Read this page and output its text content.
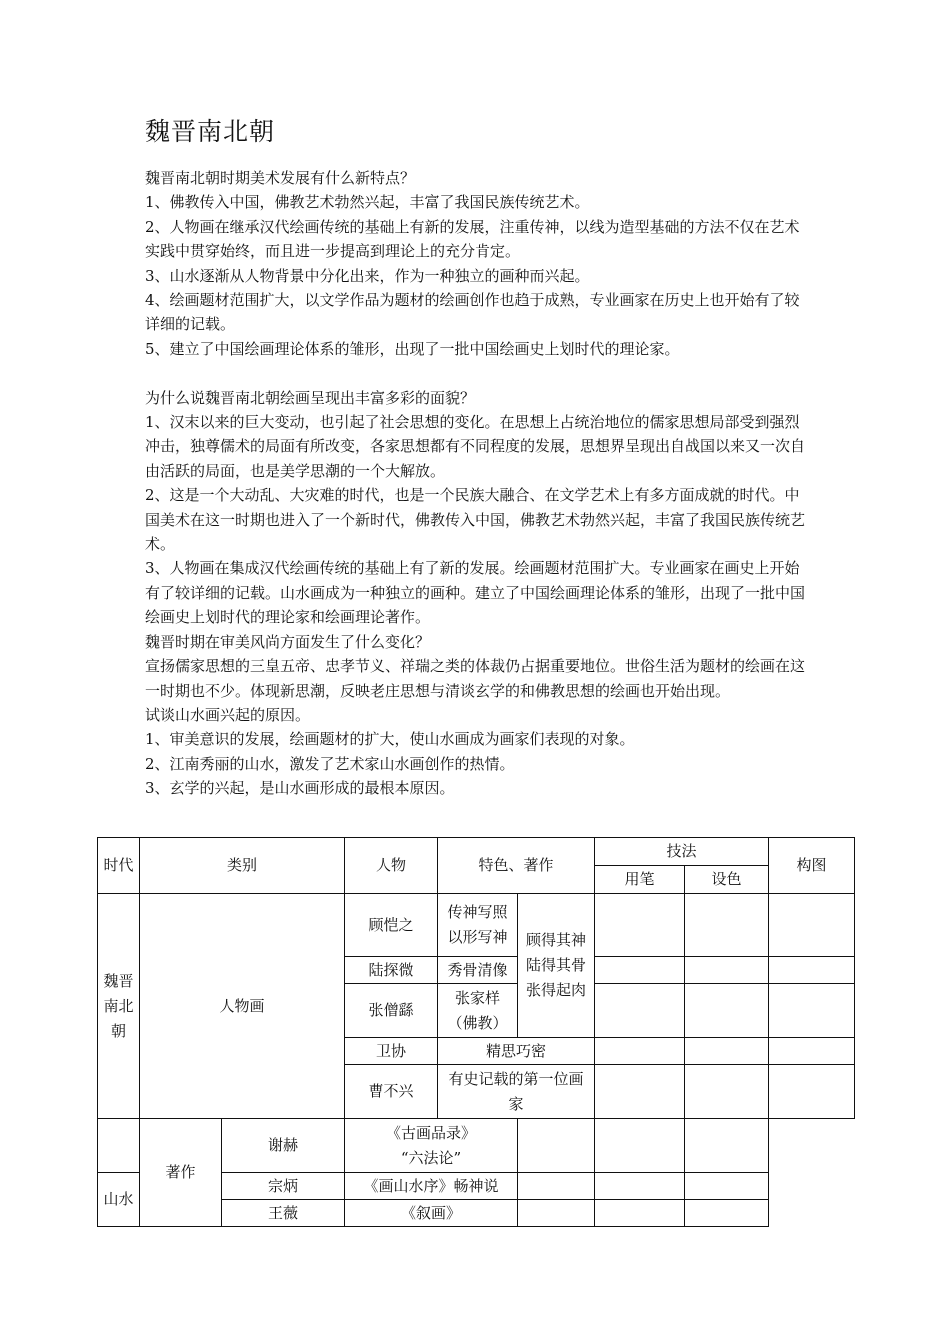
魏晋南北朝

魏晋南北朝时期美术发展有什么新特点？

1、佛教传入中国，佛教艺术勃然兴起，丰富了我国民族传统艺术。

2、人物画在继承汉代绘画传统的基础上有新的发展，注重传神，以线为造型基础的方法不仅在艺术实践中贯穿始终，而且进一步提高到理论上的充分肯定。

3、山水逐渐从人物背景中分化出来，作为一种独立的画种而兴起。

4、绘画题材范围扩大，以文学作品为题材的绘画创作也趋于成熟，专业画家在历史上也开始有了较详细的记载。

5、建立了中国绘画理论体系的雏形，出现了一批中国绘画史上划时代的理论家。

为什么说魏晋南北朝绘画呈现出丰富多彩的面貌？

1、汉末以来的巨大变动，也引起了社会思想的变化。在思想上占统治地位的儒家思想局部受到强烈冲击，独尊儒术的局面有所改变，各家思想都有不同程度的发展，思想界呈现出自战国以来又一次自由活跃的局面，也是美学思潮的一个大解放。

2、这是一个大动乱、大灾难的时代，也是一个民族大融合、在文学艺术上有多方面成就的时代。中国美术在这一时期也进入了一个新时代，佛教传入中国，佛教艺术勃然兴起，丰富了我国民族传统艺术。

3、人物画在集成汉代绘画传统的基础上有了新的发展。绘画题材范围扩大。专业画家在画史上开始有了较详细的记载。山水画成为一种独立的画种。建立了中国绘画理论体系的雏形，出现了一批中国绘画史上划时代的理论家和绘画理论著作。

魏晋时期在审美风尚方面发生了什么变化？

宣扬儒家思想的三皇五帝、忠孝节义、祥瑞之类的体裁仍占据重要地位。世俗生活为题材的绘画在这一时期也不少。体现新思潮，反映老庄思想与清谈玄学的和佛教思想的绘画也开始出现。

试谈山水画兴起的原因。

1、审美意识的发展，绘画题材的扩大，使山水画成为画家们表现的对象。

2、江南秀丽的山水，激发了艺术家山水画创作的热情。

3、玄学的兴起，是山水画形成的最根本原因。

时代	类别		人物	特色、著作		技法		构图
						用笔	设色	
魏晋南北朝	人物画		顾恺之	传神写照以形写神	顾得其神陆得其骨张得起肉			
			陆探微	秀骨清像				
			张僧繇	张家样（佛教）				
			卫协	精思巧密				
			曹不兴	有史记载的第一位画家				
	著作	谢赫	《古画品录》
“六法论”					
山水		宗炳	《画山水序》畅神说					
		王薇	《叙画》					
